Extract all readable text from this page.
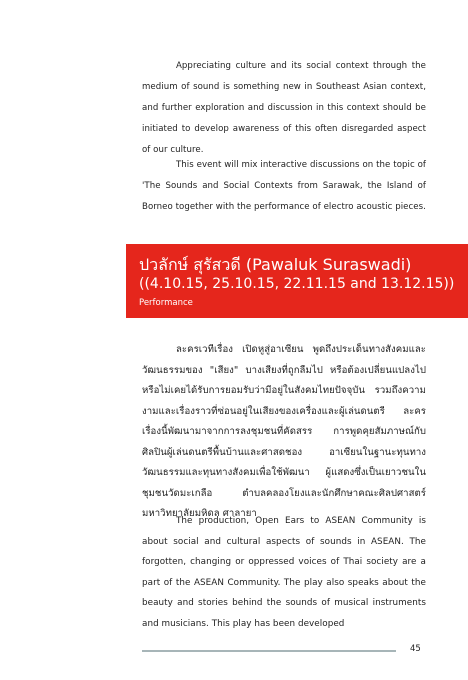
Appreciating culture and its social context through the medium of sound is something new in Southeast Asian context, and further exploration and discussion in this context should be initiated to develop awareness of this often disregarded aspect of our culture.

This event will mix interactive discussions on the topic of 'The Sounds and Social Contexts from Sarawak, the Island of Borneo together with the performance of electro acoustic pieces.

ปวลักษ์ สุรัสวดี (Pawaluk Suraswadi)
((4.10.15, 25.10.15, 22.11.15 and 13.12.15))
Performance

ละครเวทีเรื่อง เปิดหูสู่อาเซียน พูดถึงประเด็นทางสังคมและวัฒนธรรมของ "เสียง" บางเสียงที่ถูกลืมไป หรือต้องเปลี่ยนแปลงไป หรือไม่เคยได้รับการยอมรับว่ามีอยู่ในสังคมไทยปัจจุบัน รวมถึงความงามและเรื่องราวที่ซ่อนอยู่ในเสียงของเครื่องและผู้เล่นดนตรี ละครเรื่องนี้พัฒนามาจากการลงชุมชนที่คัดสรร การพูดคุยสัมภาษณ์กับศิลปินผู้เล่นดนตรีพื้นบ้านและศาสดชอง อาเซียนในฐานะทุนทางวัฒนธรรมและทุนทางสังคมเพื่อใช้พัฒนา ผู้แสดงซึ่งเป็นเยาวชนในชุมชนวัดมะเกลือ ตำบลคลองโยงและนักศึกษาคณะศิลปศาสตร์มหาวิทยาลัยมหิดล ศาลายา

The production, Open Ears to ASEAN Community is about social and cultural aspects of sounds in ASEAN. The forgotten, changing or oppressed voices of Thai society are a part of the ASEAN Community. The play also speaks about the beauty and stories behind the sounds of musical instruments and musicians. This play has been developed

45
